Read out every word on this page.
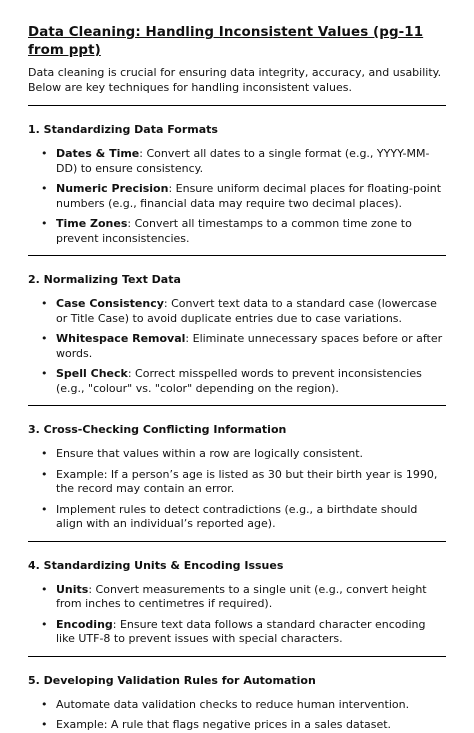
Data Cleaning: Handling Inconsistent Values (pg-11 from ppt)
Data cleaning is crucial for ensuring data integrity, accuracy, and usability. Below are key techniques for handling inconsistent values.
1. Standardizing Data Formats
• Dates & Time: Convert all dates to a single format (e.g., YYYY-MM-DD) to ensure consistency.
• Numeric Precision: Ensure uniform decimal places for floating-point numbers (e.g., financial data may require two decimal places).
• Time Zones: Convert all timestamps to a common time zone to prevent inconsistencies.
2. Normalizing Text Data
• Case Consistency: Convert text data to a standard case (lowercase or Title Case) to avoid duplicate entries due to case variations.
• Whitespace Removal: Eliminate unnecessary spaces before or after words.
• Spell Check: Correct misspelled words to prevent inconsistencies (e.g., "colour" vs. "color" depending on the region).
3. Cross-Checking Conflicting Information
• Ensure that values within a row are logically consistent.
• Example: If a person’s age is listed as 30 but their birth year is 1990, the record may contain an error.
• Implement rules to detect contradictions (e.g., a birthdate should align with an individual’s reported age).
4. Standardizing Units & Encoding Issues
• Units: Convert measurements to a single unit (e.g., convert height from inches to centimetres if required).
• Encoding: Ensure text data follows a standard character encoding like UTF-8 to prevent issues with special characters.
5. Developing Validation Rules for Automation
• Automate data validation checks to reduce human intervention.
• Example: A rule that flags negative prices in a sales dataset.
